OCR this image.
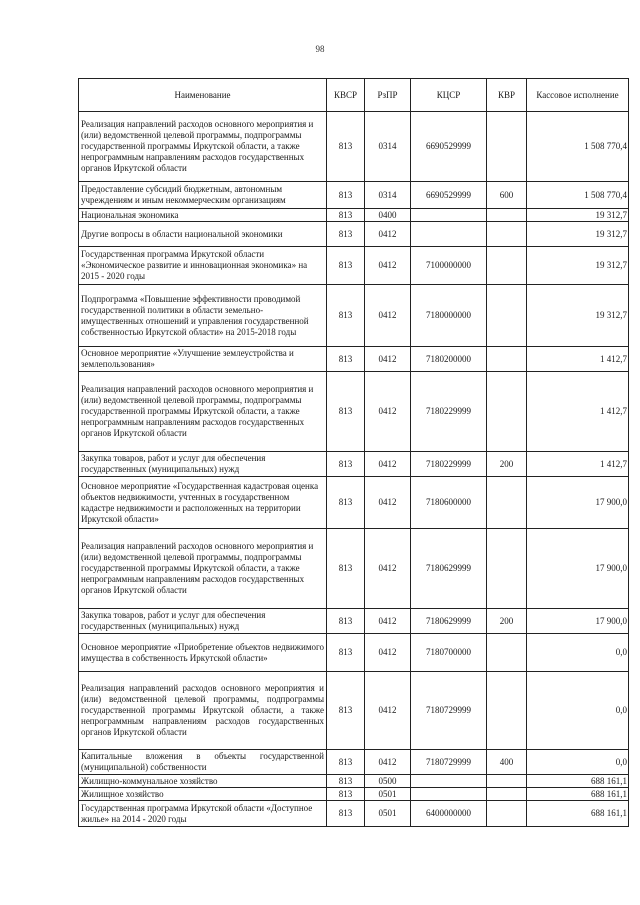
98
Наименование	КВСР	РзПР	КЦСР	КВР	Кассовое исполнение
Реализация направлений расходов основного мероприятия и (или) ведомственной целевой программы, подпрограммы государственной программы Иркутской области, а также непрограммным направлениям расходов государственных органов Иркутской области	813	0314	6690529999		1 508 770,4
Предоставление субсидий бюджетным, автономным учреждениям и иным некоммерческим организациям	813	0314	6690529999	600	1 508 770,4
Национальная экономика	813	0400			19 312,7
Другие вопросы в области национальной экономики	813	0412			19 312,7
Государственная программа Иркутской области «Экономическое развитие и инновационная экономика» на 2015 - 2020 годы	813	0412	7100000000		19 312,7
Подпрограмма «Повышение эффективности проводимой государственной политики в области земельно-имущественных отношений и управления государственной собственностью Иркутской области» на 2015-2018 годы	813	0412	7180000000		19 312,7
Основное мероприятие «Улучшение землеустройства и землепользования»	813	0412	7180200000		1 412,7
Реализация направлений расходов основного мероприятия и (или) ведомственной целевой программы, подпрограммы государственной программы Иркутской области, а также непрограммным направлениям расходов государственных органов Иркутской области	813	0412	7180229999		1 412,7
Закупка товаров, работ и услуг для обеспечения государственных (муниципальных) нужд	813	0412	7180229999	200	1 412,7
Основное мероприятие «Государственная кадастровая оценка объектов недвижимости, учтенных в государственном кадастре недвижимости и расположенных на территории Иркутской области»	813	0412	7180600000		17 900,0
Реализация направлений расходов основного мероприятия и (или) ведомственной целевой программы, подпрограммы государственной программы Иркутской области, а также непрограммным направлениям расходов государственных органов Иркутской области	813	0412	7180629999		17 900,0
Закупка товаров, работ и услуг для обеспечения государственных (муниципальных) нужд	813	0412	7180629999	200	17 900,0
Основное мероприятие «Приобретение объектов недвижимого имущества в собственность Иркутской области»	813	0412	7180700000		0,0
Реализация направлений расходов основного мероприятия и (или) ведомственной целевой программы, подпрограммы государственной программы Иркутской области, а также непрограммным направлениям расходов государственных органов Иркутской области	813	0412	7180729999		0,0
Капитальные вложения в объекты государственной (муниципальной) собственности	813	0412	7180729999	400	0,0
Жилищно-коммунальное хозяйство	813	0500			688 161,1
Жилищное хозяйство	813	0501			688 161,1
Государственная программа Иркутской области «Доступное жилье» на 2014 - 2020 годы	813	0501	6400000000		688 161,1
